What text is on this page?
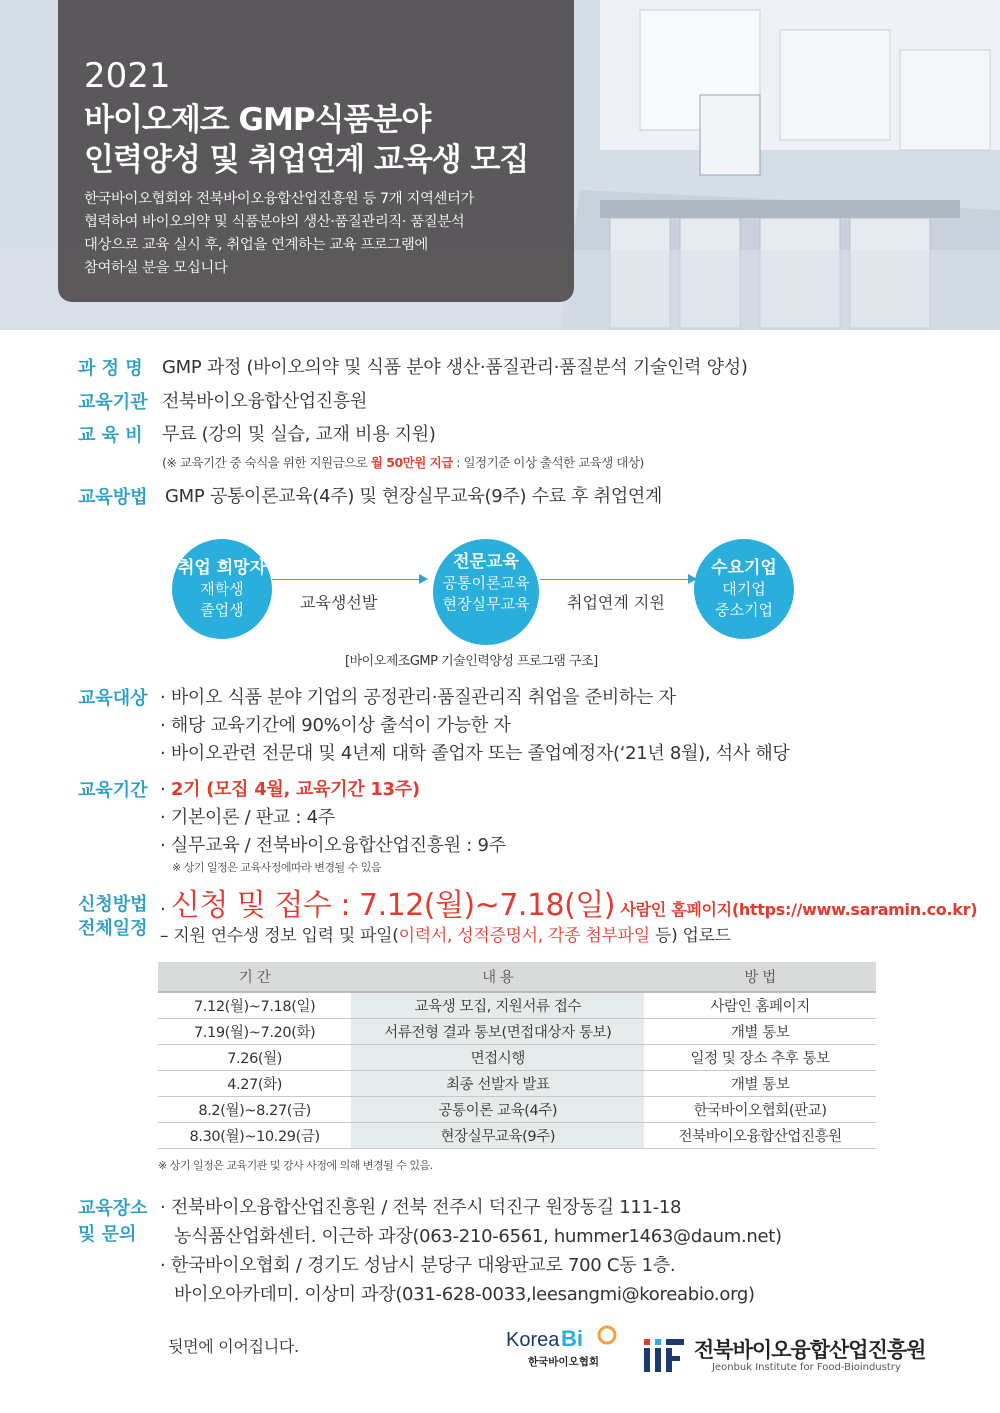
2021
바이오제조 GMP식품분야
인력양성 및 취업연계 교육생 모집
한국바이오협회와 전북바이오융합산업진흥원 등 7개 지역센터가
협력하여 바이오의약 및 식품분야의 생산·품질관리직· 품질분석
대상으로 교육 실시 후, 취업을 연계하는 교육 프로그램에
참여하실 분을 모십니다
과 정 명 GMP 과정 (바이오의약 및 식품 분야 생산·품질관리·품질분석 기술인력 양성)
교육기관 전북바이오융합산업진흥원
교 육 비 무료 (강의 및 실습, 교재 비용 지원)
(※ 교육기간 중 숙식을 위한 지원금으로 월 50만원 지급 : 일정기준 이상 출석한 교육생 대상)
교육방법 GMP 공통이론교육(4주) 및 현장실무교육(9주) 수료 후 취업연계
취업 희망자
재학생
졸업생	교육생선발
전문교육
공통이론교육
현장실무교육	취업연계 지원
수요기업
대기업
중소기업
[바이오제조GMP 기술인력양성 프로그램 구조]
교육대상 · 바이오 식품 분야 기업의 공정관리·품질관리직 취업을 준비하는 자
· 해당 교육기간에 90%이상 출석이 가능한 자
· 바이오관련 전문대 및 4년제 대학 졸업자 또는 졸업예정자(‘21년 8월), 석사 해당
교육기간 · 2기 (모집 4월, 교육기간 13주)
· 기본이론 / 판교 : 4주
· 실무교육 / 전북바이오융합산업진흥원 : 9주
※ 상기 일정은 교육사정에따라 변경될 수 있음
신청방법
전체일정
· 신청 및 접수 : 7.12(월)~7.18(일) 사람인 홈페이지(https://www.saramin.co.kr)
– 지원 연수생 정보 입력 및 파일(이력서, 성적증명서, 각종 첨부파일 등) 업로드
기 간	내 용	방 법
7.12(월)~7.18(일)	교육생 모집, 지원서류 접수	사람인 홈페이지
7.19(월)~7.20(화)	서류전형 결과 통보(면접대상자 통보)	개별 통보
7.26(월)	면접시행	일정 및 장소 추후 통보
4.27(화)	최종 선발자 발표	개별 통보
8.2(월)~8.27(금)	공통이론 교육(4주)	한국바이오협회(판교)
8.30(월)~10.29(금)	현장실무교육(9주)	전북바이오융합산업진흥원
※ 상기 일정은 교육기관 및 강사 사정에 의해 변경될 수 있음.
교육장소
및 문의
· 전북바이오융합산업진흥원 / 전북 전주시 덕진구 원장동길 111-18
농식품산업화센터. 이근하 과장(063-210-6561, hummer1463@daum.net)
· 한국바이오협회 / 경기도 성남시 분당구 대왕판교로 700 C동 1층.
바이오아카데미. 이상미 과장(031-628-0033,leesangmi@koreabio.org)
뒷면에 이어집니다.	Korea Bi
한국바이오협회	전북바이오융합산업진흥원
Jeonbuk Institute for Food-Bioindustry
